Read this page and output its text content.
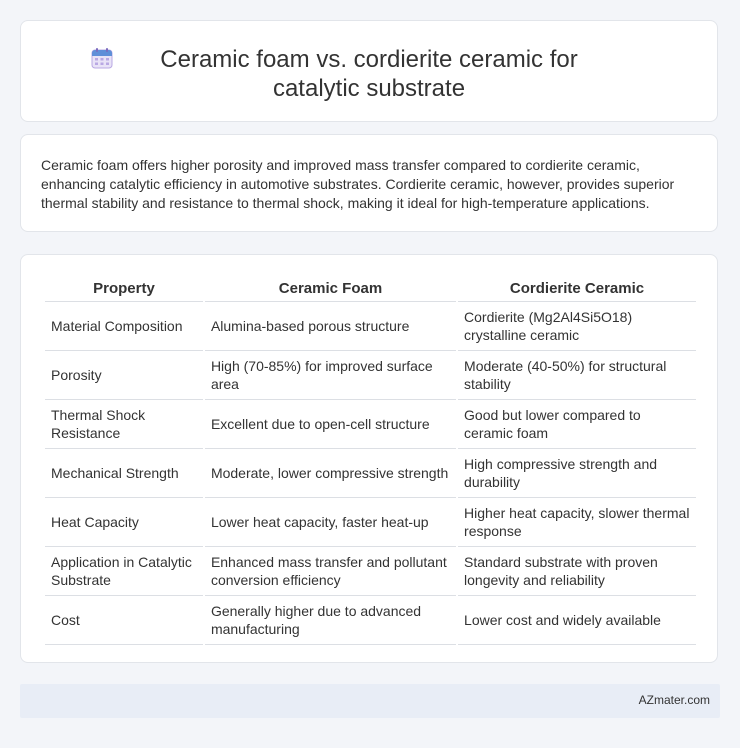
Ceramic foam vs. cordierite ceramic for catalytic substrate

Ceramic foam offers higher porosity and improved mass transfer compared to cordierite ceramic, enhancing catalytic efficiency in automotive substrates. Cordierite ceramic, however, provides superior thermal stability and resistance to thermal shock, making it ideal for high-temperature applications.

Property	Ceramic Foam	Cordierite Ceramic
Material Composition	Alumina-based porous structure	Cordierite (Mg2Al4Si5O18) crystalline ceramic
Porosity	High (70-85%) for improved surface area	Moderate (40-50%) for structural stability
Thermal Shock Resistance	Excellent due to open-cell structure	Good but lower compared to ceramic foam
Mechanical Strength	Moderate, lower compressive strength	High compressive strength and durability
Heat Capacity	Lower heat capacity, faster heat-up	Higher heat capacity, slower thermal response
Application in Catalytic Substrate	Enhanced mass transfer and pollutant conversion efficiency	Standard substrate with proven longevity and reliability
Cost	Generally higher due to advanced manufacturing	Lower cost and widely available
AZmater.com
